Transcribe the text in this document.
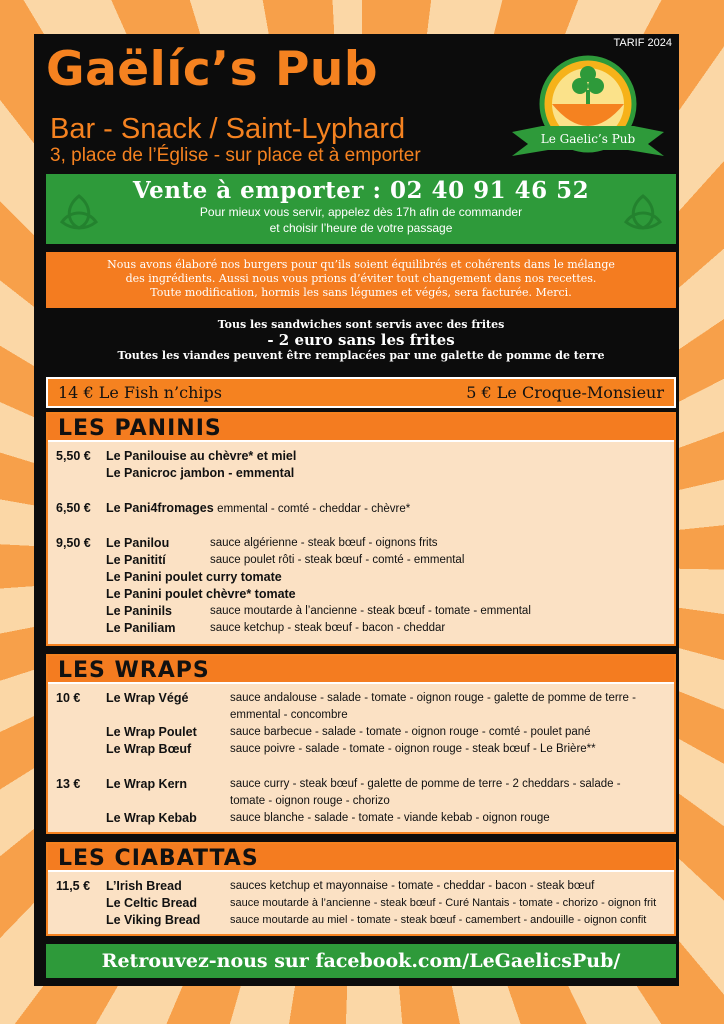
Gaëlíc’s Pub	TARIF 2024
Bar - Snack / Saint-Lyphard
3, place de l’Église - sur place et à emporter
Le Gaelic’s Pub
Vente à emporter : 02 40 91 46 52
Pour mieux vous servir, appelez dès 17h afin de commander
et choisir l’heure de votre passage
Nous avons élaboré nos burgers pour qu’ils soient équilibrés et cohérents dans le mélange
des ingrédients. Aussi nous vous prions d’éviter tout changement dans nos recettes.
Toute modification, hormis les sans légumes et végés, sera facturée. Merci.
Tous les sandwiches sont servis avec des frites
- 2 euro sans les frites
Toutes les viandes peuvent être remplacées par une galette de pomme de terre
14 € Le Fish n’chips	5 € Le Croque-Monsieur
LES PANINIS
5,50 € Le Panilouise au chèvre* et miel
Le Panicroc jambon - emmental
6,50 € Le Pani4fromages emmental - comté - cheddar - chèvre*
9,50 € Le Panilou	sauce algérienne - steak bœuf - oignons frits
Le Panitití	sauce poulet rôti - steak bœuf - comté - emmental
Le Panini poulet curry tomate
Le Panini poulet chèvre* tomate
Le Paninils	sauce moutarde à l’ancienne - steak bœuf - tomate - emmental
Le Paniliam	sauce ketchup - steak bœuf - bacon - cheddar
LES WRAPS
10 € Le Wrap Végé	sauce andalouse - salade - tomate - oignon rouge - galette de pomme de terre - emmental - concombre
Le Wrap Poulet	sauce barbecue - salade - tomate - oignon rouge - comté - poulet pané
Le Wrap Bœuf	sauce poivre - salade - tomate - oignon rouge - steak bœuf - Le Brière**
13 € Le Wrap Kern	sauce curry - steak bœuf - galette de pomme de terre - 2 cheddars - salade - tomate - oignon rouge - chorizo
Le Wrap Kebab	sauce blanche - salade - tomate - viande kebab - oignon rouge
LES CIABATTAS
11,5 € L’Irish Bread	sauces ketchup et mayonnaise - tomate - cheddar - bacon - steak bœuf
Le Celtic Bread	sauce moutarde à l’ancienne - steak bœuf - Curé Nantais - tomate - chorizo - oignon frit
Le Viking Bread	sauce moutarde au miel - tomate - steak bœuf - camembert - andouille - oignon confit
Retrouvez-nous sur facebook.com/LeGaelicsPub/
